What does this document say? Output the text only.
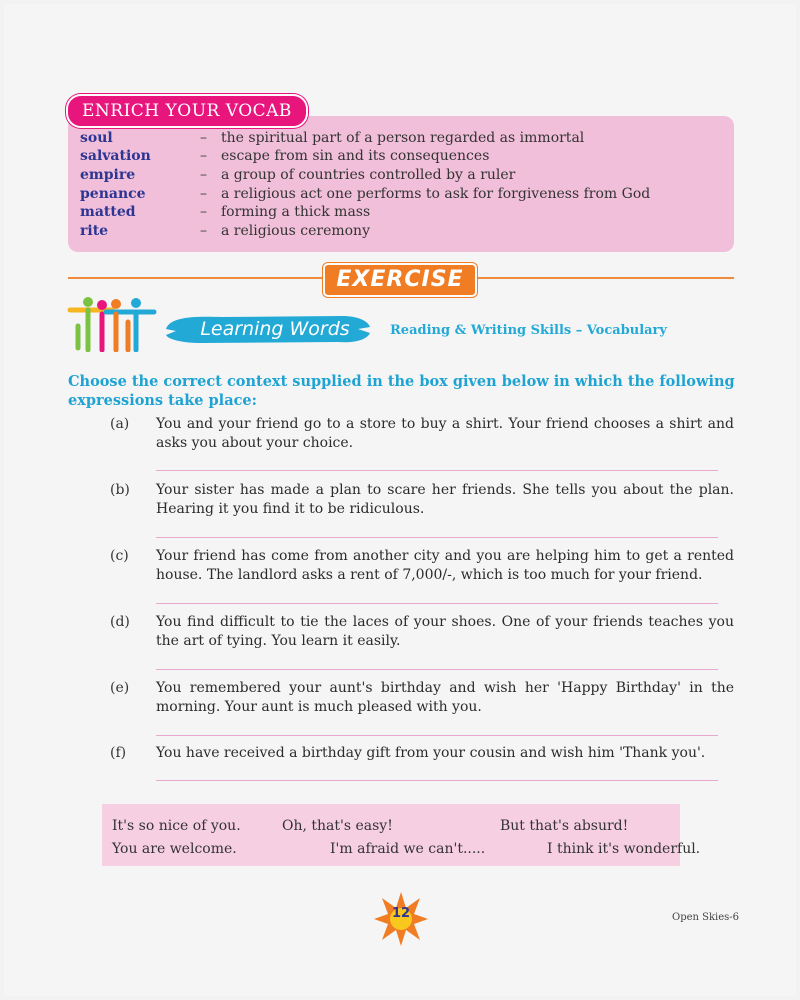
ENRICH YOUR VOCAB
soul	– the spiritual part of a person regarded as immortal
salvation	– escape from sin and its consequences
empire	– a group of countries controlled by a ruler
penance	– a religious act one performs to ask for forgiveness from God
matted	– forming a thick mass
rite	– a religious ceremony
EXERCISE
Learning Words	Reading & Writing Skills – Vocabulary
Choose the correct context supplied in the box given below in which the following expressions take place:
(a) You and your friend go to a store to buy a shirt. Your friend chooses a shirt and asks you about your choice.
(b) Your sister has made a plan to scare her friends. She tells you about the plan. Hearing it you find it to be ridiculous.
(c) Your friend has come from another city and you are helping him to get a rented house. The landlord asks a rent of 7,000/-, which is too much for your friend.
(d) You find difficult to tie the laces of your shoes. One of your friends teaches you the art of tying. You learn it easily.
(e) You remembered your aunt's birthday and wish her 'Happy Birthday' in the morning. Your aunt is much pleased with you.
(f) You have received a birthday gift from your cousin and wish him 'Thank you'.
It's so nice of you.	Oh, that's easy!	But that's absurd!
You are welcome.	I'm afraid we can't.....	I think it's wonderful.
12	Open Skies-6
